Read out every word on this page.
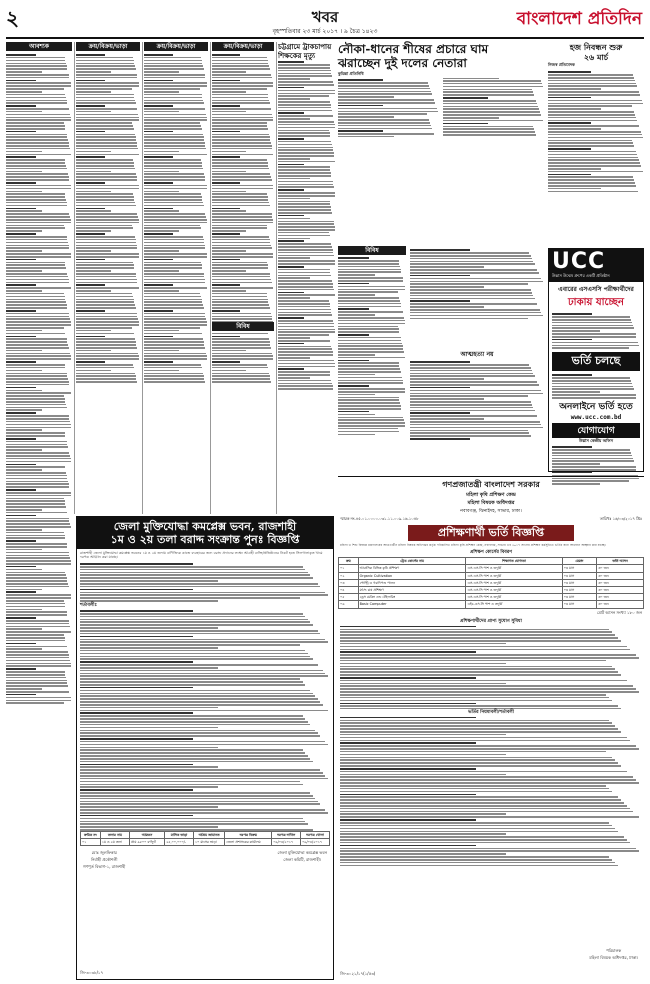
২	খবর
বৃহস্পতিবার ২৩ মার্চ ২০১৭ । ৯ চৈত্র ১৪২৩
বাংলাদেশ প্রতিদিন
আবশ্যক	ক্রয়/বিক্রয়/ভাড়া	ক্রয়/বিক্রয়/ভাড়া	ক্রয়/বিক্রয়/ভাড়া
বিবিধ
চট্টগ্রামে ট্রাকচাপায় শিক্ষকের মৃত্যু	নৌকা-ধানের শীষের প্রচারে ঘাম
ঝরাচ্ছেন দুই দলের নেতারা
কুমিল্লা প্রতিনিধি
বিবিধ
আত্মহত্যা নয়
হজ নিবন্ধন শুরু
২৬ মার্চ
নিজস্ব প্রতিবেদক
UCC
উদ্ভাস উন্মেষ গ্রুপের একটি প্রতিষ্ঠান
এবারের এসএসসি পরীক্ষার্থীদের
ঢাকায় যাচ্ছেন
ভর্তি চলছে
অনলাইনে ভর্তি হতে
www.ucc.com.bd
যোগাযোগ
উদ্ভাস কেন্দ্রীয় অফিস
গণপ্রজাতন্ত্রী বাংলাদেশ সরকার
মহিলা কৃষি প্রশিক্ষণ কেন্দ্র
মহিলা বিষয়ক অধিদপ্তর
নবাবগঞ্জ, ঝিনাইদহ, সাভার, ঢাকা।
স্মারক নং-৪৫.০১.০০০০.০৩১.১১.০০৯.১৬-১০৪৮	তারিখঃ ১৬/০৩/২০১৭ খ্রিঃ
প্রশিক্ষণার্থী ভর্তি বিজ্ঞপ্তি
মহিলা ও শিশু বিষয়ক মন্ত্রণালয়ের আওতাধীন মহিলা বিষয়ক অধিদপ্তর কর্তৃক পরিচালিত মহিলা কৃষি প্রশিক্ষণ কেন্দ্র, নবাবগঞ্জ, সাভার এর ২০১৭ সালের প্রশিক্ষণ কর্মসূচিতে ভর্তির জন্য আবেদন আহ্বান করা যাচ্ছে।
প্রশিক্ষণ কোর্সের বিবরণ
ক্রম	ট্রেড কোর্সের নাম	শিক্ষাগত যোগ্যতা	মেয়াদ	ভর্তি আসন
০১	আবাসিক বিভিন্ন কৃষি প্রশিক্ষণ	এস.এস.সি পাশ ও তদূর্ধ্ব	০৩ মাস	৩০ জন
০২	Organic Cultivation	এস.এস.সি পাশ ও তদূর্ধ্ব	০৩ মাস	৩০ জন
০৩	পোল্ট্রি ও গবাদিপশু পালন	এস.এস.সি পাশ ও তদূর্ধ্ব	০৩ মাস	৩০ জন
০৪	মৎস্য চাষ প্রশিক্ষণ	এস.এস.সি পাশ ও তদূর্ধ্ব	০৩ মাস	৩০ জন
০৫	ড্রেস মেকিং এন্ড টেইলারিং	এস.এস.সি পাশ ও তদূর্ধ্ব	০৩ মাস	৩০ জন
০৬	Basic Computer	এইচ.এস.সি পাশ ও তদূর্ধ্ব	০৩ মাস	৩০ জন
মোট আসন সংখ্যা ১৮০ জন
প্রশিক্ষণার্থীদের প্রাপ্য সুযোগ সুবিধা
ভর্তির নিয়মাবলী/শর্তাবলী
পরিচালক
মহিলা বিষয়ক অধিদপ্তর, ঢাকা।
জি-৩০২১/১৭(১/৫৩)
জেলা মুক্তিযোদ্ধা কমপ্লেক্স ভবন, রাজশাহী
১ম ও ২য় তলা বরাদ্দ সংক্রান্ত পুনঃ বিজ্ঞপ্তি
রাজশাহী জেলা মুক্তিযোদ্ধা কমপ্লেক্স ভবনের ১ম ও ২য় তলায় বাণিজ্যিক কাজে ব্যবহারের জন্য বরাদ্দ প্রদানের লক্ষ্যে আগ্রহী ব্যক্তি/প্রতিষ্ঠানের নিকট হতে সিলগালাকৃত খামে দরপত্র আহ্বান করা যাচ্ছে।
শর্তাবলীঃ
ক্রমিক নং	তলার নাম	আয়তন	মাসিক ভাড়া	অগ্রিম জামানত	দরপত্র বিক্রয়	দরপত্র দাখিল	দরপত্র খোলা
০১	১ম ও ২য় তলা	প্রায় ৯৫০০ বর্গফুট	২৫,০০,০০০/-	১০ মাসের ভাড়া	জেলা প্রশাসকের কার্যালয়	০৯/০৪/২০১৭	০৯/০৪/২০১৭
মোঃ জুলফিকার
নির্বাহী প্রকৌশলী
গণপূর্ত বিভাগ-১, রাজশাহী
জেলা মুক্তিযোদ্ধা কমপ্লেক্স ভবন
জেলা কমিটি, রাজশাহী।
জি-৩০৩৮/১৭
